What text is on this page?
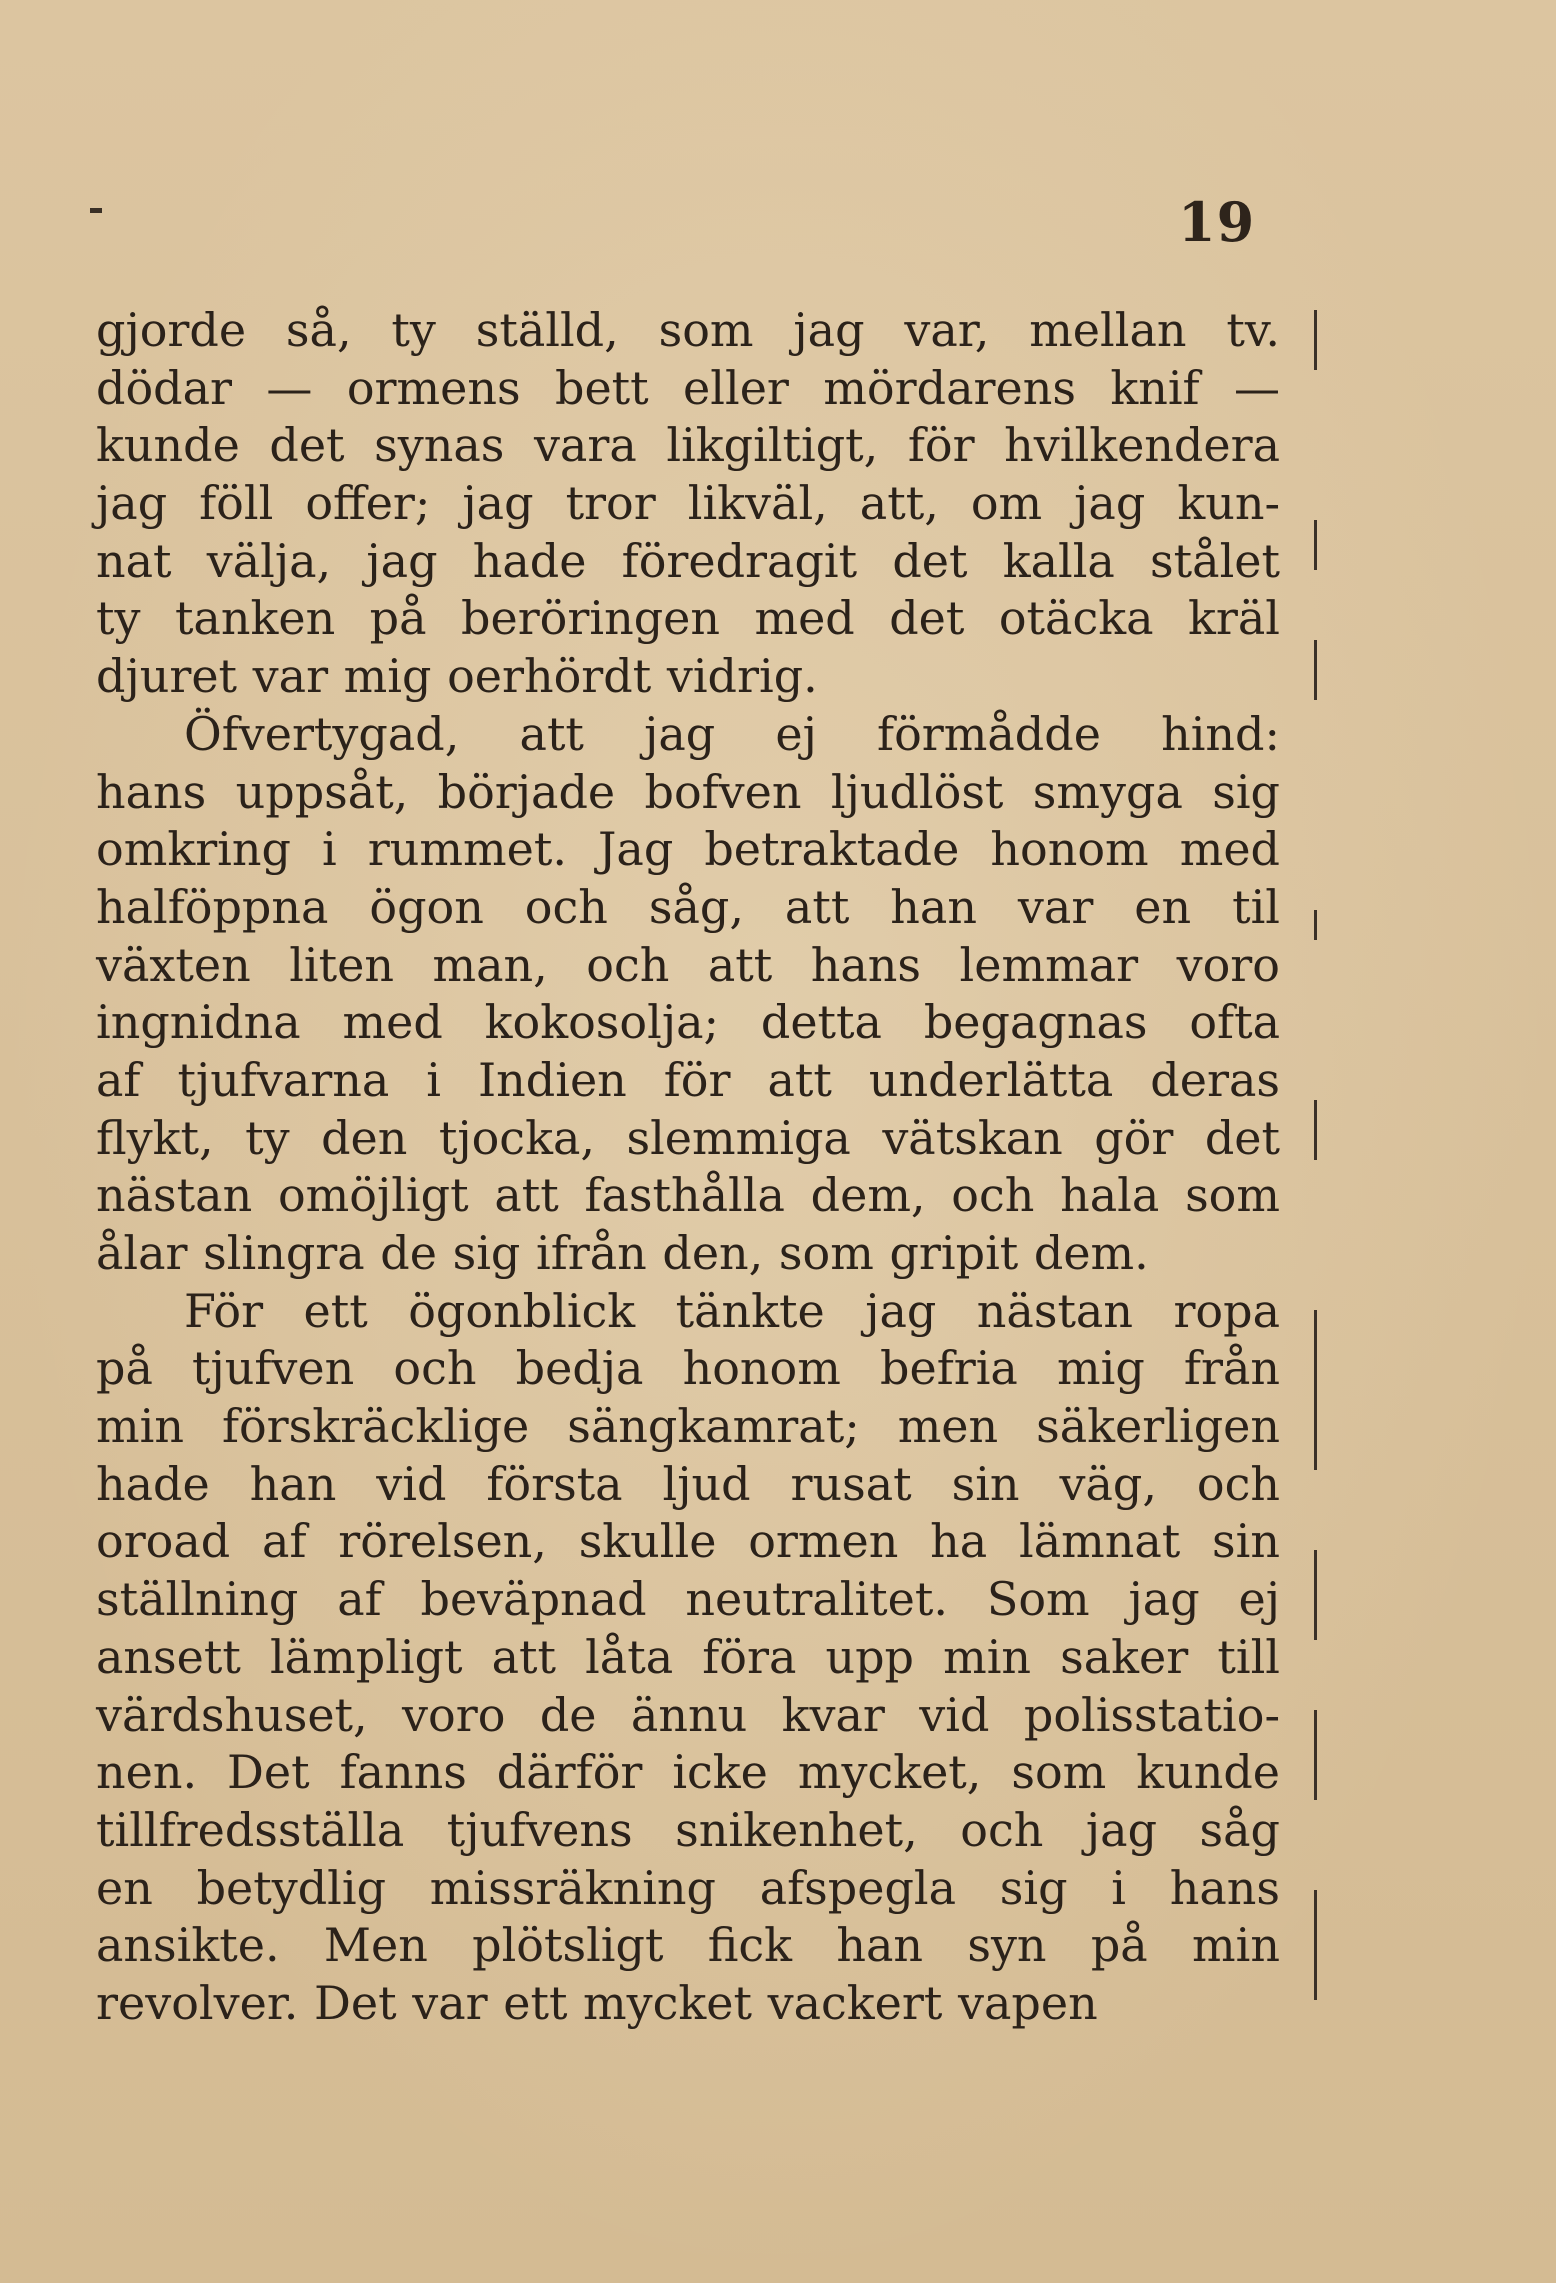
19
gjorde så, ty ställd, som jag var, mellan tv.
dödar — ormens bett eller mördarens knif —
kunde det synas vara likgiltigt, för hvilkendera
jag föll offer; jag tror likväl, att, om jag kun-
nat välja, jag hade föredragit det kalla stålet
ty tanken på beröringen med det otäcka kräl
djuret var mig oerhördt vidrig.
Öfvertygad, att jag ej förmådde hind:
hans uppsåt, började bofven ljudlöst smyga sig
omkring i rummet. Jag betraktade honom med
halföppna ögon och såg, att han var en til
växten liten man, och att hans lemmar voro
ingnidna med kokosolja; detta begagnas ofta
af tjufvarna i Indien för att underlätta deras
flykt, ty den tjocka, slemmiga vätskan gör det
nästan omöjligt att fasthålla dem, och hala som
ålar slingra de sig ifrån den, som gripit dem.
För ett ögonblick tänkte jag nästan ropa
på tjufven och bedja honom befria mig från
min förskräcklige sängkamrat; men säkerligen
hade han vid första ljud rusat sin väg, och
oroad af rörelsen, skulle ormen ha lämnat sin
ställning af beväpnad neutralitet. Som jag ej
ansett lämpligt att låta föra upp min saker till
värdshuset, voro de ännu kvar vid polisstatio-
nen. Det fanns därför icke mycket, som kunde
tillfredsställa tjufvens snikenhet, och jag såg
en betydlig missräkning afspegla sig i hans
ansikte. Men plötsligt fick han syn på min
revolver. Det var ett mycket vackert vapen
